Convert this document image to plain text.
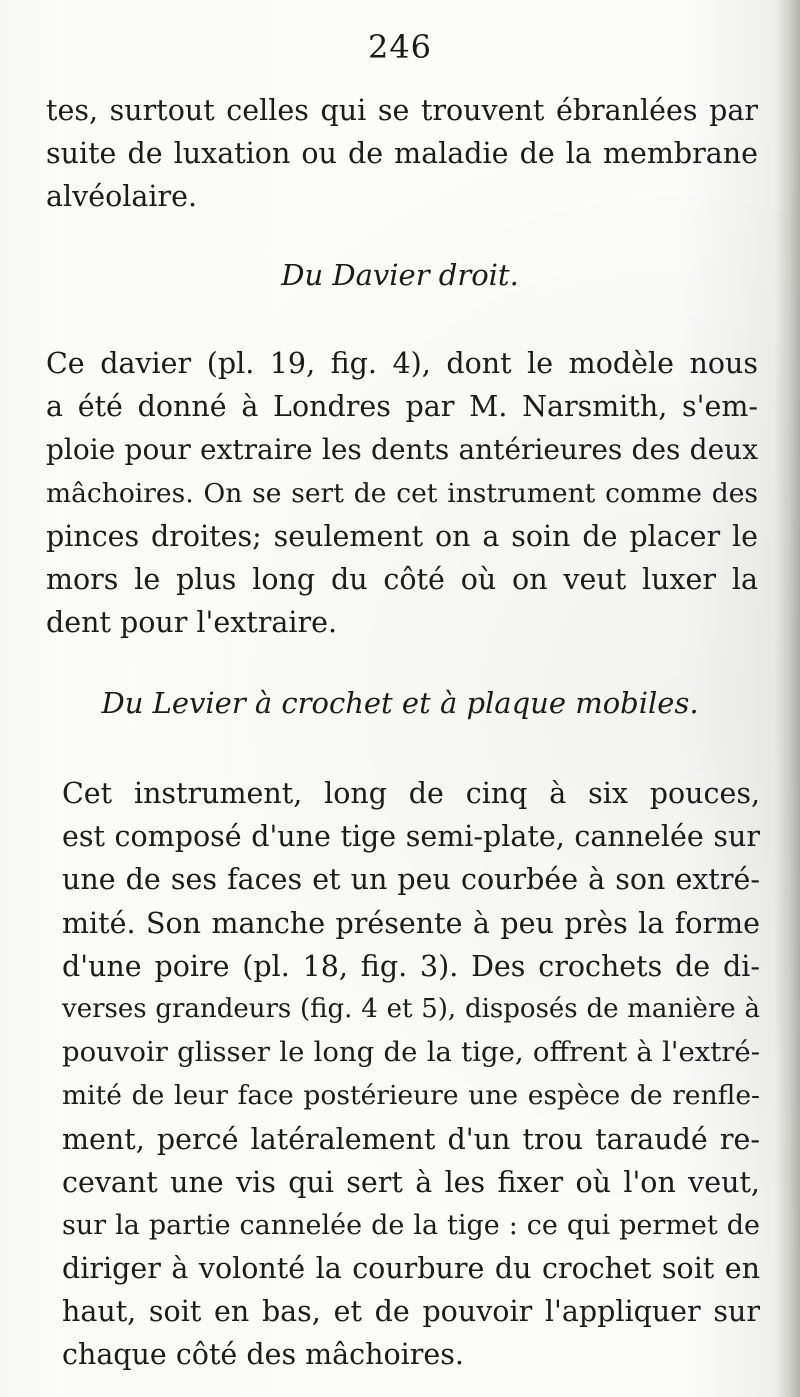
246
tes, surtout celles qui se trouvent ébranlées par
suite de luxation ou de maladie de la membrane
alvéolaire.
Du Davier droit.
Ce davier (pl. 19, fig. 4), dont le modèle nous
a été donné à Londres par M. Narsmith, s'em-
ploie pour extraire les dents antérieures des deux
mâchoires. On se sert de cet instrument comme des
pinces droites; seulement on a soin de placer le
mors le plus long du côté où on veut luxer la
dent pour l'extraire.
Du Levier à crochet et à plaque mobiles.
Cet instrument, long de cinq à six pouces,
est composé d'une tige semi-plate, cannelée sur
une de ses faces et un peu courbée à son extré-
mité. Son manche présente à peu près la forme
d'une poire (pl. 18, fig. 3). Des crochets de di-
verses grandeurs (fig. 4 et 5), disposés de manière à
pouvoir glisser le long de la tige, offrent à l'extré-
mité de leur face postérieure une espèce de renfle-
ment, percé latéralement d'un trou taraudé re-
cevant une vis qui sert à les fixer où l'on veut,
sur la partie cannelée de la tige : ce qui permet de
diriger à volonté la courbure du crochet soit en
haut, soit en bas, et de pouvoir l'appliquer sur
chaque côté des mâchoires.
